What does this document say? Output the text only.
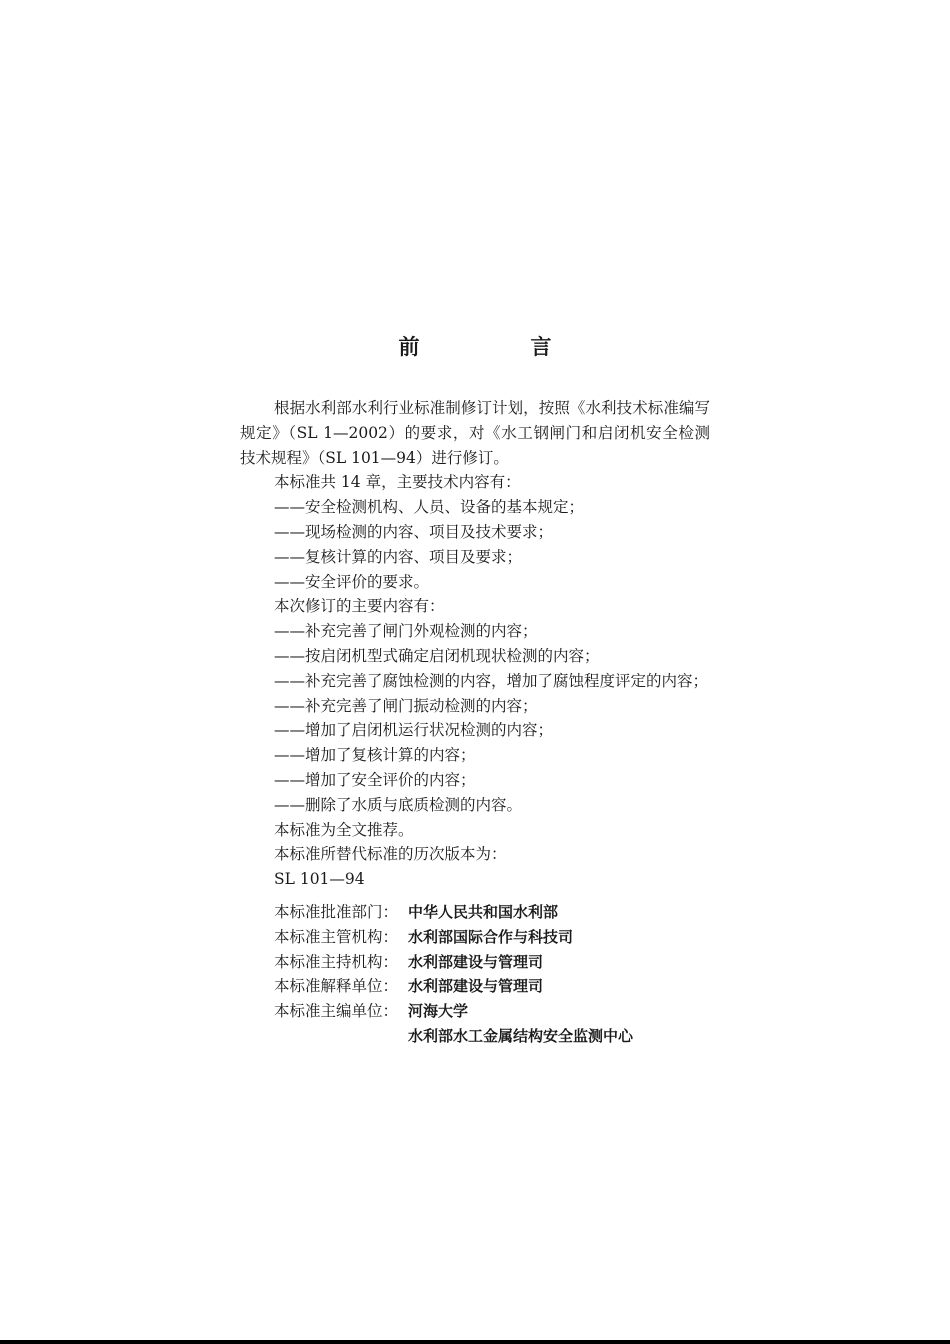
前　言

根据水利部水利行业标准制修订计划，按照《水利技术标准编写规定》（SL 1—2002）的要求，对《水工钢闸门和启闭机安全检测技术规程》（SL 101—94）进行修订。

本标准共 14 章，主要技术内容有：

——安全检测机构、人员、设备的基本规定；

——现场检测的内容、项目及技术要求；

——复核计算的内容、项目及要求；

——安全评价的要求。

本次修订的主要内容有：

——补充完善了闸门外观检测的内容；

——按启闭机型式确定启闭机现状检测的内容；

——补充完善了腐蚀检测的内容，增加了腐蚀程度评定的内容；

——补充完善了闸门振动检测的内容；

——增加了启闭机运行状况检测的内容；

——增加了复核计算的内容；

——增加了安全评价的内容；

——删除了水质与底质检测的内容。

本标准为全文推荐。

本标准所替代标准的历次版本为：

SL 101—94

本标准批准部门： 中华人民共和国水利部
本标准主管机构： 水利部国际合作与科技司
本标准主持机构： 水利部建设与管理司
本标准解释单位： 水利部建设与管理司
本标准主编单位： 河海大学
水利部水工金属结构安全监测中心
